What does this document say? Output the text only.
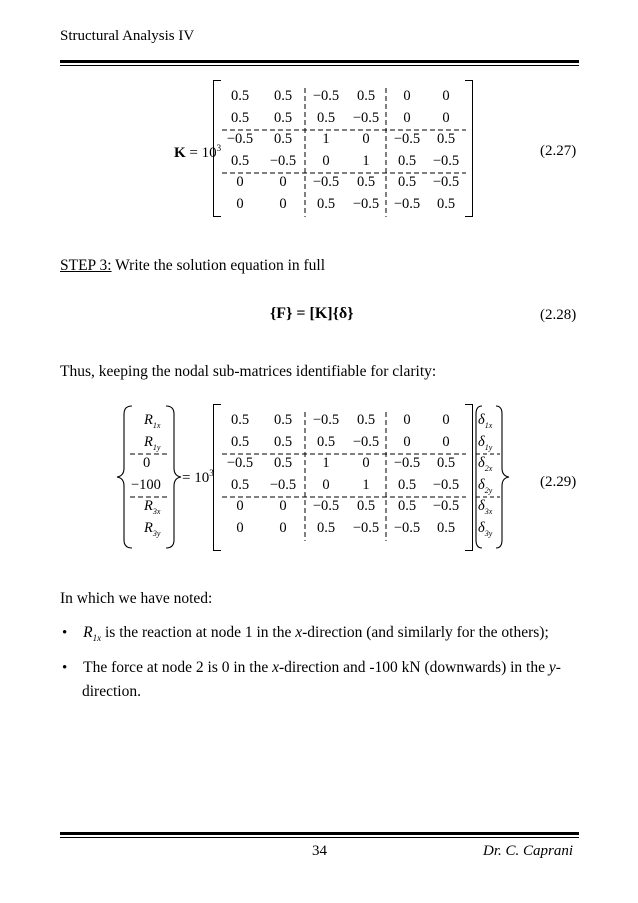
Structural Analysis IV
$K = 10^3$
0.5	0.5	−0.5	0.5	0	0
0.5	0.5	0.5	−0.5	0	0
−0.5	0.5	1	0	−0.5	0.5
0.5	−0.5	0	1	0.5	−0.5
0	0	−0.5	0.5	0.5	−0.5
0	0	0.5	−0.5	−0.5	0.5
(2.27)
STEP 3: Write the solution equation in full
{F} = [K]{δ}	(2.28)
Thus, keeping the nodal sub-matrices identifiable for clarity:
$R_{1x}$
$R_{1y}$
0
−100
$R_{3x}$
$R_{3y}$
= $10^3$
0.5	0.5	−0.5	0.5	0	0
0.5	0.5	0.5	−0.5	0	0
−0.5	0.5	1	0	−0.5	0.5
0.5	−0.5	0	1	0.5	−0.5
0	0	−0.5	0.5	0.5	−0.5
0	0	0.5	−0.5	−0.5	0.5
$\delta_{1x}$
$\delta_{1y}$
$\delta_{2x}$
$\delta_{2y}$
$\delta_{3x}$
$\delta_{3y}$
(2.29)
In which we have noted:
• $R_{1x}$ is the reaction at node 1 in the x-direction (and similarly for the others);
• The force at node 2 is 0 in the x-direction and -100 kN (downwards) in the y-
direction.
34	Dr. C. Caprani
